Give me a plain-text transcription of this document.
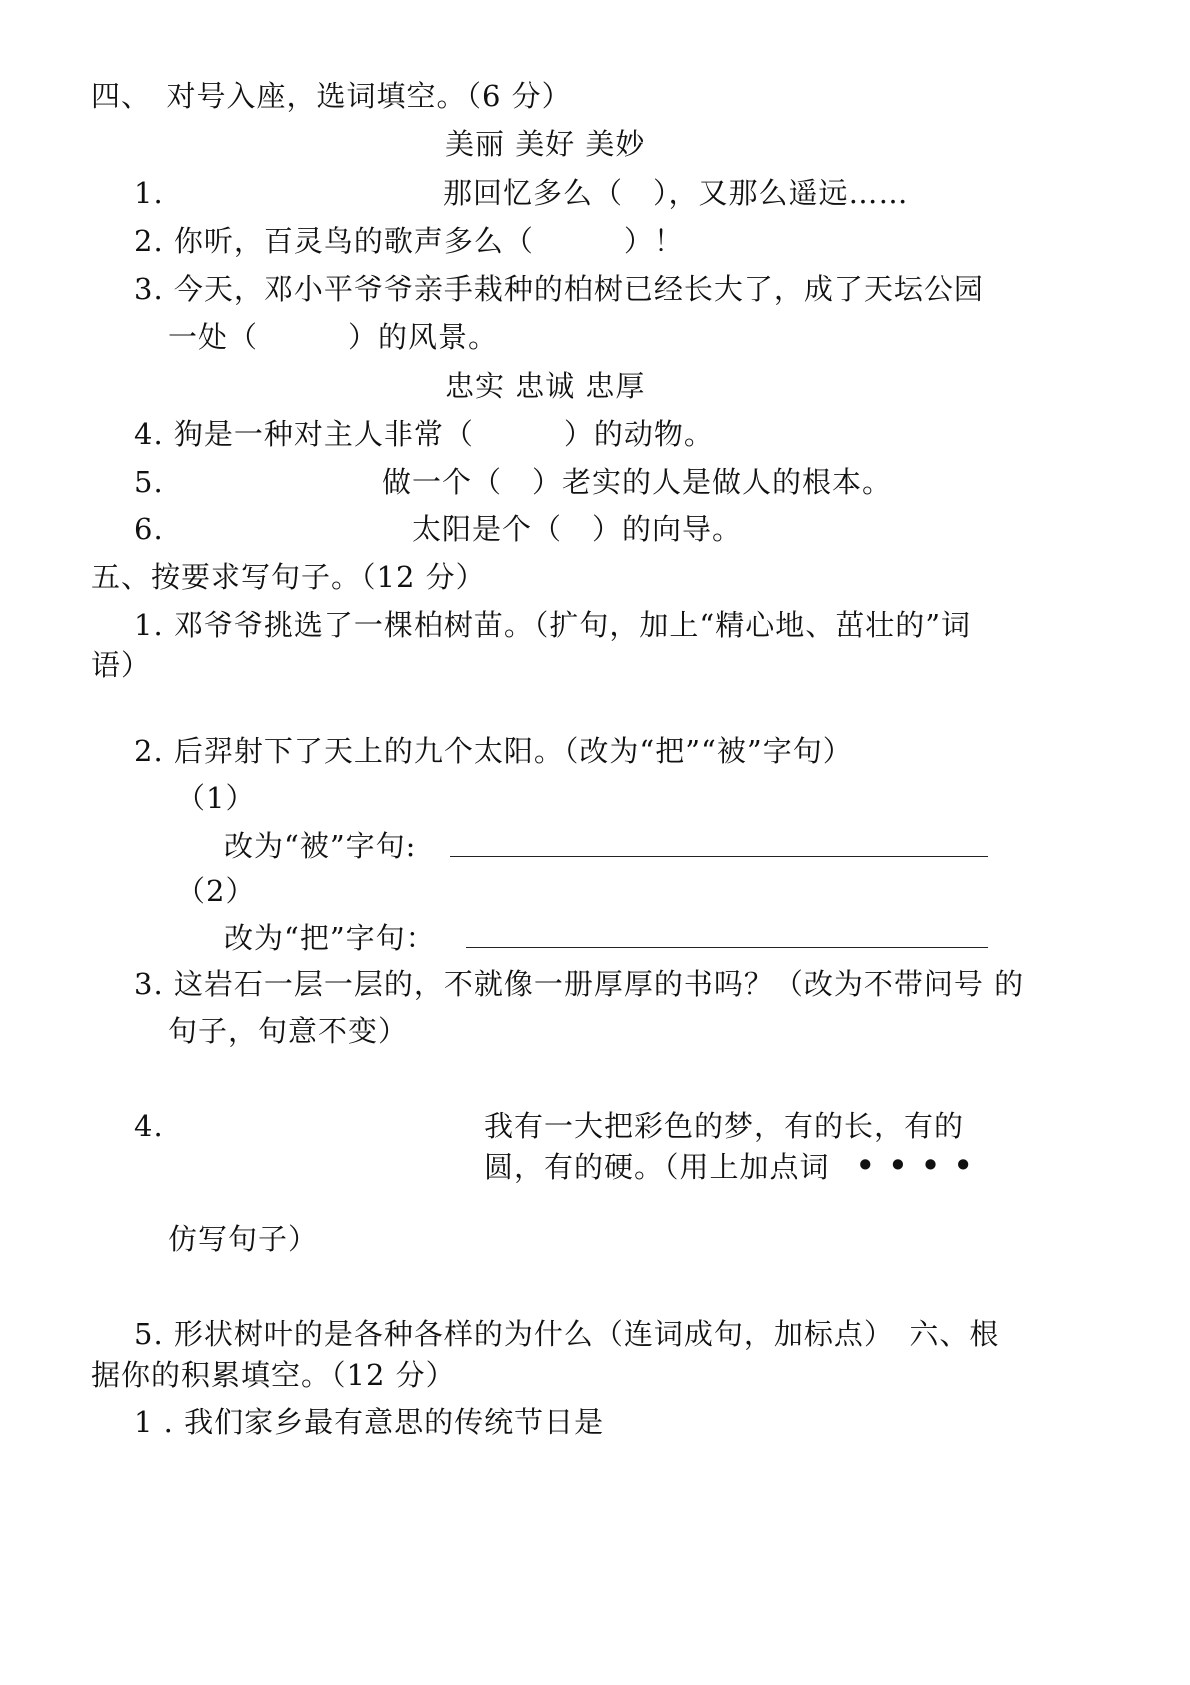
四、　对号入座，选词填空。（6 分）
美丽 美好 美妙
1.	那回忆多么（　），又那么遥远……
2. 你听，百灵鸟的歌声多么（　　　）！
3. 今天，邓小平爷爷亲手栽种的柏树已经长大了，成了天坛公园
一处（　　　）的风景。
忠实 忠诚 忠厚
4. 狗是一种对主人非常（　　　）的动物。
5.	做一个（　）老实的人是做人的根本。
6.	太阳是个（　）的向导。
五、按要求写句子。（12 分）
1. 邓爷爷挑选了一棵柏树苗。（扩句，加上“精心地、茁壮的”词
语）
2. 后羿射下了天上的九个太阳。（改为“把”“被”字句）
（1）
改为“被”字句:
（2）
改为“把”字句：
3. 这岩石一层一层的，不就像一册厚厚的书吗？（改为不带问号 的
句子，句意不变）
4.	我有一大把彩色的梦，有的长，有的
圆，有的硬。（用上加点词 • • • •
仿写句子）
5. 形状树叶的是各种各样的为什么（连词成句，加标点）　六、根
据你的积累填空。（12 分）
1 . 我们家乡最有意思的传统节日是
